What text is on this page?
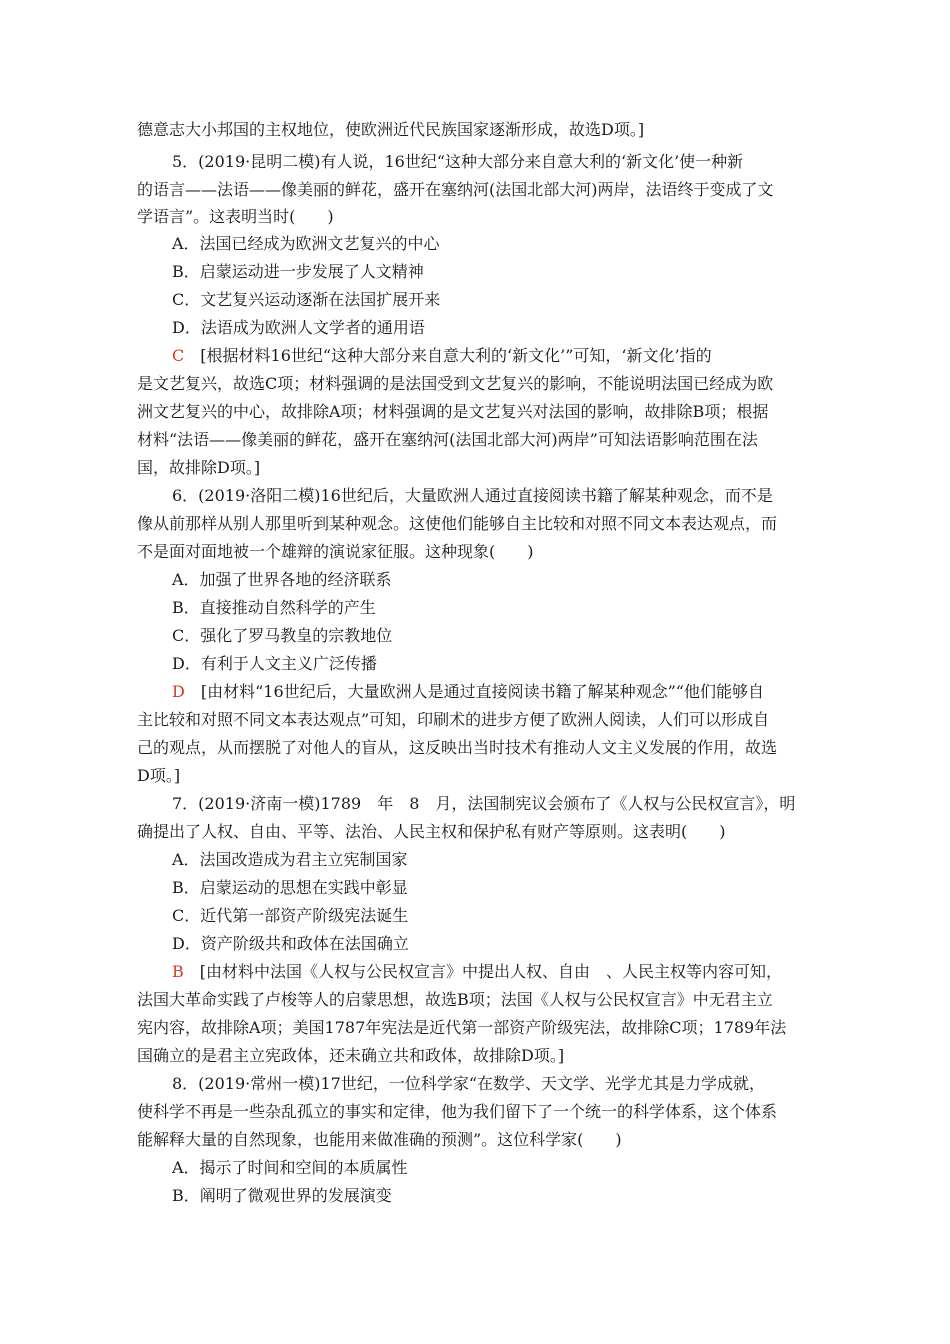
德意志大小邦国的主权地位，使欧洲近代民族国家逐渐形成，故选D项。]
5．(2019·昆明二模)有人说，16世纪“这种大部分来自意大利的‘新文化’使一种新
的语言——法语——像美丽的鲜花，盛开在塞纳河(法国北部大河)两岸，法语终于变成了文
学语言”。这表明当时(　　)
A．法国已经成为欧洲文艺复兴的中心
B．启蒙运动进一步发展了人文精神
C．文艺复兴运动逐渐在法国扩展开来
D．法语成为欧洲人文学者的通用语
C　 [根据材料16世纪“这种大部分来自意大利的‘新文化’”可知，‘新文化’指的
是文艺复兴，故选C项；材料强调的是法国受到文艺复兴的影响，不能说明法国已经成为欧
洲文艺复兴的中心，故排除A项；材料强调的是文艺复兴对法国的影响，故排除B项；根据
材料“法语——像美丽的鲜花，盛开在塞纳河(法国北部大河)两岸”可知法语影响范围在法
国，故排除D项。]
6．(2019·洛阳二模)16世纪后，大量欧洲人通过直接阅读书籍了解某种观念，而不是
像从前那样从别人那里听到某种观念。这使他们能够自主比较和对照不同文本表达观点，而
不是面对面地被一个雄辩的演说家征服。这种现象(　　)
A．加强了世界各地的经济联系
B．直接推动自然科学的产生
C．强化了罗马教皇的宗教地位
D．有利于人文主义广泛传播
D　 [由材料“16世纪后，大量欧洲人是通过直接阅读书籍了解某种观念”“他们能够自
主比较和对照不同文本表达观点”可知，印刷术的进步方便了欧洲人阅读，人们可以形成自
己的观点，从而摆脱了对他人的盲从，这反映出当时技术有推动人文主义发展的作用，故选
D项。]
7．(2019·济南一模)1789　年　8　月，法国制宪议会颁布了《人权与公民权宣言》，明
确提出了人权、自由、平等、法治、人民主权和保护私有财产等原则。这表明(　　)
A．法国改造成为君主立宪制国家
B．启蒙运动的思想在实践中彰显
C．近代第一部资产阶级宪法诞生
D．资产阶级共和政体在法国确立
B　 [由材料中法国《人权与公民权宣言》中提出人权、自由　、人民主权等内容可知，
法国大革命实践了卢梭等人的启蒙思想，故选B项；法国《人权与公民权宣言》中无君主立
宪内容，故排除A项；美国1787年宪法是近代第一部资产阶级宪法，故排除C项；1789年法
国确立的是君主立宪政体，还未确立共和政体，故排除D项。]
8．(2019·常州一模)17世纪，一位科学家“在数学、天文学、光学尤其是力学成就，
使科学不再是一些杂乱孤立的事实和定律，他为我们留下了一个统一的科学体系，这个体系
能解释大量的自然现象，也能用来做准确的预测”。这位科学家(　　)
A．揭示了时间和空间的本质属性
B．阐明了微观世界的发展演变
